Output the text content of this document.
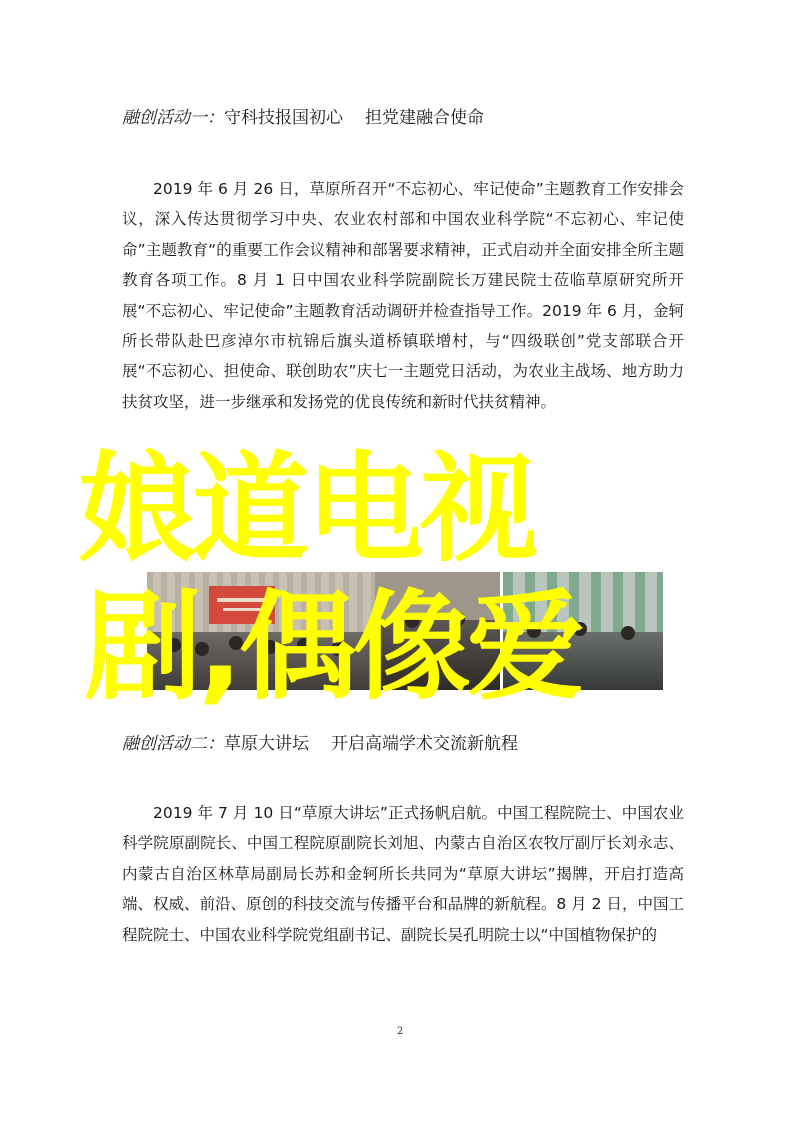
融创活动一：守科技报国初心 担党建融合使命

2019 年 6 月 26 日，草原所召开“不忘初心、牢记使命”主题教育工作安排会议，深入传达贯彻学习中央、农业农村部和中国农业科学院“不忘初心、牢记使命”主题教育“的重要工作会议精神和部署要求精神，正式启动并全面安排全所主题教育各项工作。8 月 1 日中国农业科学院副院长万建民院士莅临草原研究所开展“不忘初心、牢记使命”主题教育活动调研并检查指导工作。2019 年 6 月，金轲所长带队赴巴彦淖尔市杭锦后旗头道桥镇联增村，与“四级联创”党支部联合开展“不忘初心、担使命、联创助农”庆七一主题党日活动，为农业主战场、地方助力扶贫攻坚，进一步继承和发扬党的优良传统和新时代扶贫精神。

娘道电视
剧,偶像爱
融创活动二：草原大讲坛 开启高端学术交流新航程

2019 年 7 月 10 日“草原大讲坛”正式扬帆启航。中国工程院院士、中国农业科学院原副院长、中国工程院原副院长刘旭、内蒙古自治区农牧厅副厅长刘永志、内蒙古自治区林草局副局长苏和金轲所长共同为“草原大讲坛”揭牌，开启打造高端、权威、前沿、原创的科技交流与传播平台和品牌的新航程。8 月 2 日，中国工程院院士、中国农业科学院党组副书记、副院长吴孔明院士以“中国植物保护的

2
